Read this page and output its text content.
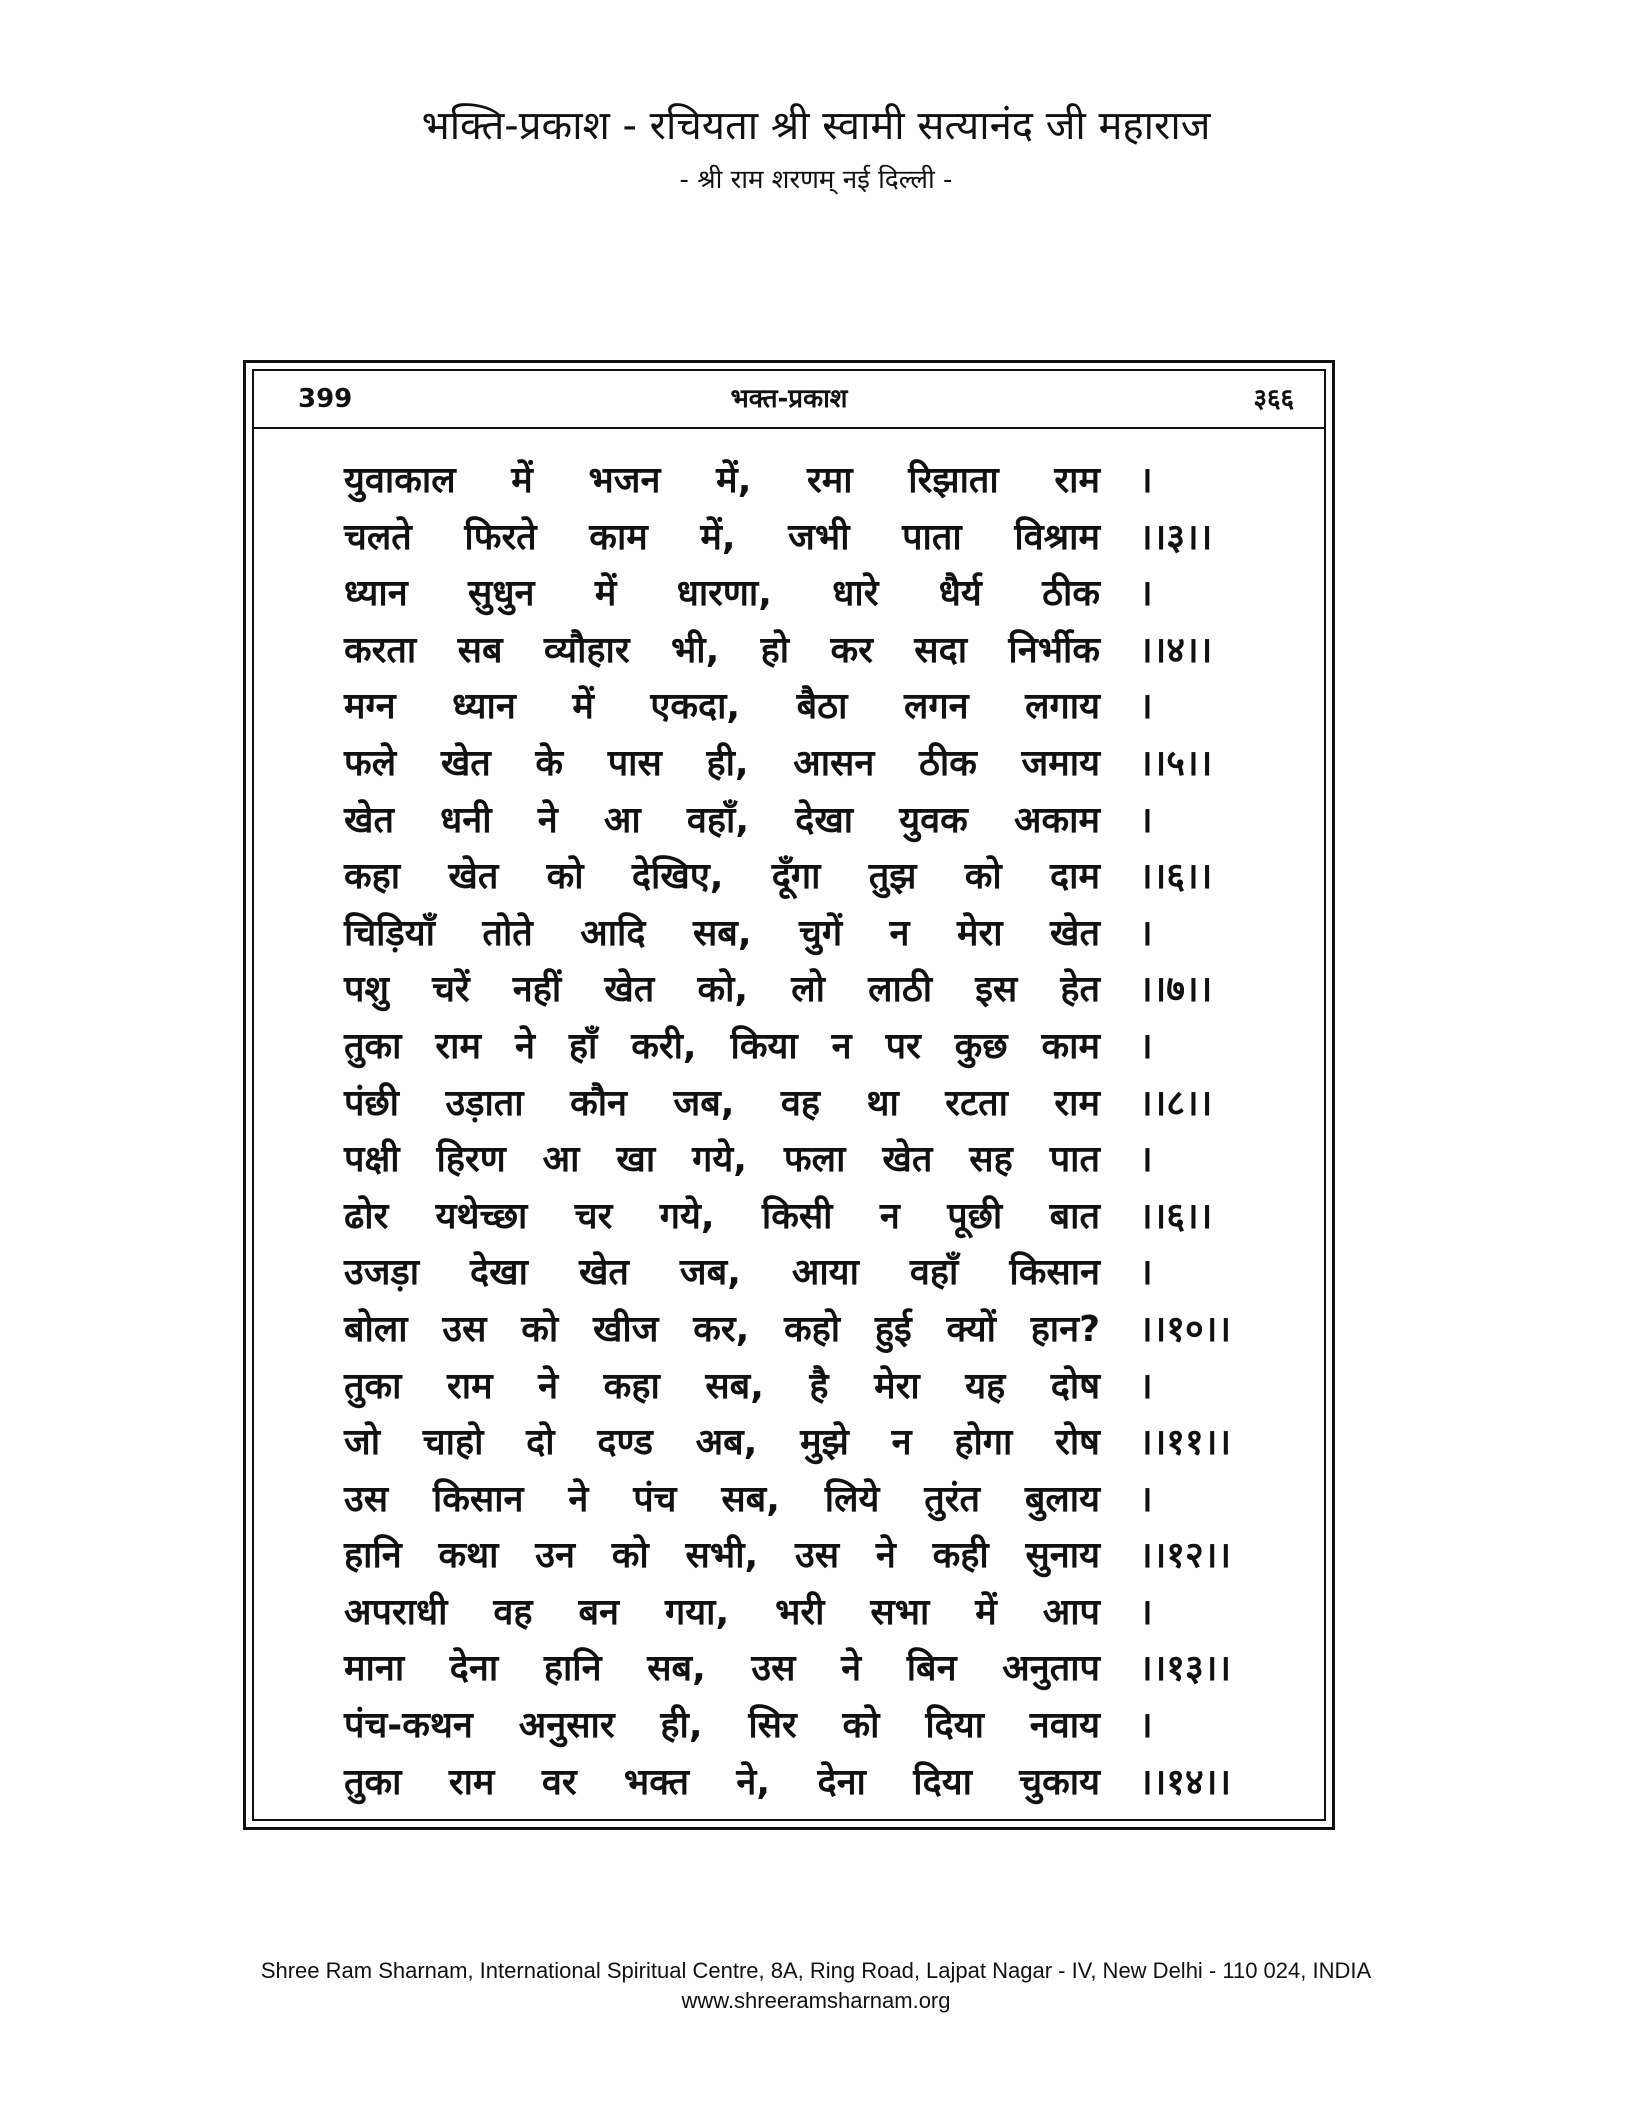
भक्ति-प्रकाश - रचियता श्री स्वामी सत्यानंद जी महाराज
- श्री राम शरणम् नई दिल्ली -
399	भक्त-प्रकाश	३६६
युवाकाल में भजन में, रमा रिझाता राम ।
चलते फिरते काम में, जभी पाता विश्राम ।।३।।
ध्यान सुधुन में धारणा, धारे धैर्य ठीक ।
करता सब व्यौहार भी, हो कर सदा निर्भीक ।।४।।
मग्न ध्यान में एकदा, बैठा लगन लगाय ।
फले खेत के पास ही, आसन ठीक जमाय ।।५।।
खेत धनी ने आ वहाँ, देखा युवक अकाम ।
कहा खेत को देखिए, दूँगा तुझ को दाम ।।६।।
चिड़ियाँ तोते आदि सब, चुगें न मेरा खेत ।
पशु चरें नहीं खेत को, लो लाठी इस हेत ।।७।।
तुका राम ने हाँ करी, किया न पर कुछ काम ।
पंछी उड़ाता कौन जब, वह था रटता राम ।।८।।
पक्षी हिरण आ खा गये, फला खेत सह पात ।
ढोर यथेच्छा चर गये, किसी न पूछी बात ।।६।।
उजड़ा देखा खेत जब, आया वहाँ किसान ।
बोला उस को खीज कर, कहो हुई क्यों हान? ।।१०।।
तुका राम ने कहा सब, है मेरा यह दोष ।
जो चाहो दो दण्ड अब, मुझे न होगा रोष ।।११।।
उस किसान ने पंच सब, लिये तुरंत बुलाय ।
हानि कथा उन को सभी, उस ने कही सुनाय ।।१२।।
अपराधी वह बन गया, भरी सभा में आप ।
माना देना हानि सब, उस ने बिन अनुताप ।।१३।।
पंच-कथन अनुसार ही, सिर को दिया नवाय ।
तुका राम वर भक्त ने, देना दिया चुकाय ।।१४।।
Shree Ram Sharnam, International Spiritual Centre, 8A, Ring Road, Lajpat Nagar - IV, New Delhi - 110 024, INDIA
www.shreeramsharnam.org
